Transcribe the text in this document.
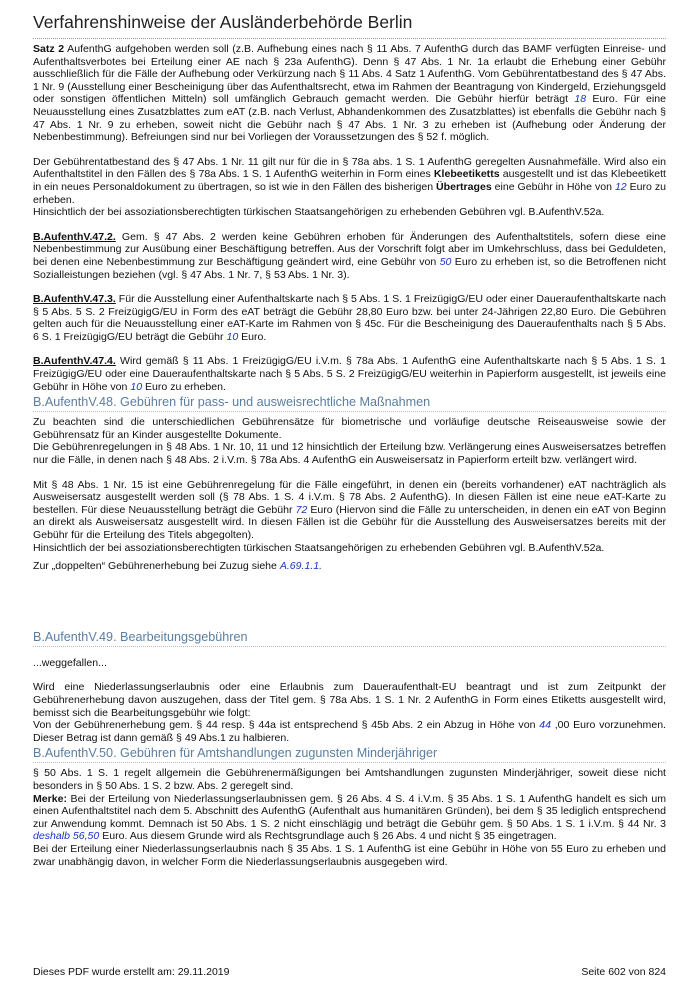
Verfahrenshinweise der Ausländerbehörde Berlin

Satz 2 AufenthG aufgehoben werden soll (z.B. Aufhebung eines nach § 11 Abs. 7 AufenthG durch das BAMF verfügten Einreise- und Aufenthaltsverbotes bei Erteilung einer AE nach § 23a AufenthG). Denn § 47 Abs. 1 Nr. 1a erlaubt die Erhebung einer Gebühr ausschließlich für die Fälle der Aufhebung oder Verkürzung nach § 11 Abs. 4 Satz 1 AufenthG. Vom Gebührentatbestand des § 47 Abs. 1 Nr. 9 (Ausstellung einer Bescheinigung über das Aufenthaltsrecht, etwa im Rahmen der Beantragung von Kindergeld, Erziehungsgeld oder sonstigen öffentlichen Mitteln) soll umfänglich Gebrauch gemacht werden. Die Gebühr hierfür beträgt 18 Euro. Für eine Neuausstellung eines Zusatzblattes zum eAT (z.B. nach Verlust, Abhandenkommen des Zusatzblattes) ist ebenfalls die Gebühr nach § 47 Abs. 1 Nr. 9 zu erheben, soweit nicht die Gebühr nach § 47 Abs. 1 Nr. 3 zu erheben ist (Aufhebung oder Änderung der Nebenbestimmung). Befreiungen sind nur bei Vorliegen der Voraussetzungen des § 52 f. möglich.

Der Gebührentatbestand des § 47 Abs. 1 Nr. 11 gilt nur für die in § 78a abs. 1 S. 1 AufenthG geregelten Ausnahmefälle. Wird also ein Aufenthaltstitel in den Fällen des § 78a Abs. 1 S. 1 AufenthG weiterhin in Form eines Klebeetiketts ausgestellt und ist das Klebeetikett in ein neues Personaldokument zu übertragen, so ist wie in den Fällen des bisherigen Übertrages eine Gebühr in Höhe von 12 Euro zu erheben.

Hinsichtlich der bei assoziationsberechtigten türkischen Staatsangehörigen zu erhebenden Gebühren vgl. B.AufenthV.52a.

B.AufenthV.47.2. Gem. § 47 Abs. 2 werden keine Gebühren erhoben für Änderungen des Aufenthaltstitels, sofern diese eine Nebenbestimmung zur Ausübung einer Beschäftigung betreffen. Aus der Vorschrift folgt aber im Umkehrschluss, dass bei Geduldeten, bei denen eine Nebenbestimmung zur Beschäftigung geändert wird, eine Gebühr von 50 Euro zu erheben ist, so die Betroffenen nicht Sozialleistungen beziehen (vgl. § 47 Abs. 1 Nr. 7, § 53 Abs. 1 Nr. 3).

B.AufenthV.47.3. Für die Ausstellung einer Aufenthaltskarte nach § 5 Abs. 1 S. 1 FreizügigG/EU oder einer Daueraufenthaltskarte nach § 5 Abs. 5 S. 2 FreizügigG/EU in Form des eAT beträgt die Gebühr 28,80 Euro bzw. bei unter 24-Jährigen 22,80 Euro. Die Gebühren gelten auch für die Neuausstellung einer eAT-Karte im Rahmen von § 45c. Für die Bescheinigung des Daueraufenthalts nach § 5 Abs. 6 S. 1 FreizügigG/EU beträgt die Gebühr 10 Euro.

B.AufenthV.47.4. Wird gemäß § 11 Abs. 1 FreizügigG/EU i.V.m. § 78a Abs. 1 AufenthG eine Aufenthaltskarte nach § 5 Abs. 1 S. 1 FreizügigG/EU oder eine Daueraufenthaltskarte nach § 5 Abs. 5 S. 2 FreizügigG/EU weiterhin in Papierform ausgestellt, ist jeweils eine Gebühr in Höhe von 10 Euro zu erheben.

B.AufenthV.48. Gebühren für pass- und ausweisrechtliche Maßnahmen

Zu beachten sind die unterschiedlichen Gebührensätze für biometrische und vorläufige deutsche Reiseausweise sowie der Gebührensatz für an Kinder ausgestellte Dokumente.

Die Gebührenregelungen in § 48 Abs. 1 Nr. 10, 11 und 12 hinsichtlich der Erteilung bzw. Verlängerung eines Ausweisersatzes betreffen nur die Fälle, in denen nach § 48 Abs. 2 i.V.m. § 78a Abs. 4 AufenthG ein Ausweisersatz in Papierform erteilt bzw. verlängert wird.

Mit § 48 Abs. 1 Nr. 15 ist eine Gebührenregelung für die Fälle eingeführt, in denen ein (bereits vorhandener) eAT nachträglich als Ausweisersatz ausgestellt werden soll (§ 78 Abs. 1 S. 4 i.V.m. § 78 Abs. 2 AufenthG). In diesen Fällen ist eine neue eAT-Karte zu bestellen. Für diese Neuausstellung beträgt die Gebühr 72 Euro (Hiervon sind die Fälle zu unterscheiden, in denen ein eAT von Beginn an direkt als Ausweisersatz ausgestellt wird. In diesen Fällen ist die Gebühr für die Ausstellung des Ausweisersatzes bereits mit der Gebühr für die Erteilung des Titels abgegolten).

Hinsichtlich der bei assoziationsberechtigten türkischen Staatsangehörigen zu erhebenden Gebühren vgl. B.AufenthV.52a.

Zur „doppelten“ Gebührenerhebung bei Zuzug siehe A.69.1.1.

B.AufenthV.49. Bearbeitungsgebühren

...weggefallen...

Wird eine Niederlassungserlaubnis oder eine Erlaubnis zum Daueraufenthalt-EU beantragt und ist zum Zeitpunkt der Gebührenerhebung davon auszugehen, dass der Titel gem. § 78a Abs. 1 S. 1 Nr. 2 AufenthG in Form eines Etiketts ausgestellt wird, bemisst sich die Bearbeitungsgebühr wie folgt:

Von der Gebührenerhebung gem. § 44 resp. § 44a ist entsprechend § 45b Abs. 2 ein Abzug in Höhe von 44 ,00 Euro vorzunehmen. Dieser Betrag ist dann gemäß § 49 Abs.1 zu halbieren.

B.AufenthV.50. Gebühren für Amtshandlungen zugunsten Minderjähriger

§ 50 Abs. 1 S. 1 regelt allgemein die Gebührenermäßigungen bei Amtshandlungen zugunsten Minderjähriger, soweit diese nicht besonders in § 50 Abs. 1 S. 2 bzw. Abs. 2 geregelt sind.

Merke: Bei der Erteilung von Niederlassungserlaubnissen gem. § 26 Abs. 4 S. 4 i.V.m. § 35 Abs. 1 S. 1 AufenthG handelt es sich um einen Aufenthaltstitel nach dem 5. Abschnitt des AufenthG (Aufenthalt aus humanitären Gründen), bei dem § 35 lediglich entsprechend zur Anwendung kommt. Demnach ist 50 Abs. 1 S. 2 nicht einschlägig und beträgt die Gebühr gem. § 50 Abs. 1 S. 1 i.V.m. § 44 Nr. 3 deshalb 56,50 Euro. Aus diesem Grunde wird als Rechtsgrundlage auch § 26 Abs. 4 und nicht § 35 eingetragen.

Bei der Erteilung einer Niederlassungserlaubnis nach § 35 Abs. 1 S. 1 AufenthG ist eine Gebühr in Höhe von 55 Euro zu erheben und zwar unabhängig davon, in welcher Form die Niederlassungserlaubnis ausgegeben wird.

Dieses PDF wurde erstellt am: 29.11.2019	Seite 602 von 824
